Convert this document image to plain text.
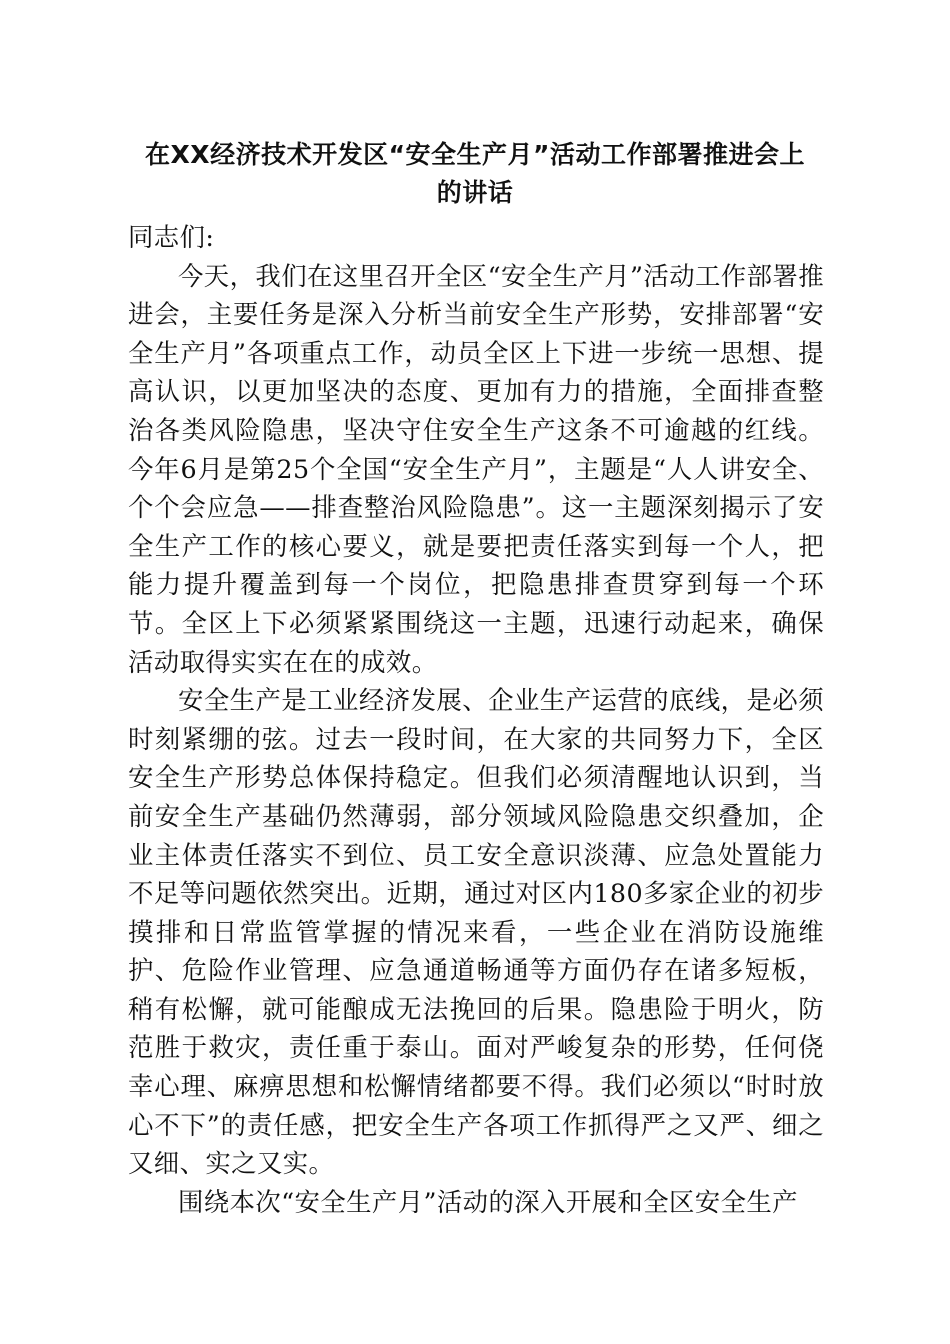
在XX经济技术开发区“安全生产月”活动工作部署推进会上
的讲话

同志们:

今天，我们在这里召开全区“安全生产月”活动工作部署推进会，主要任务是深入分析当前安全生产形势，安排部署“安全生产月”各项重点工作，动员全区上下进一步统一思想、提高认识，以更加坚决的态度、更加有力的措施，全面排查整治各类风险隐患，坚决守住安全生产这条不可逾越的红线。今年6月是第25个全国“安全生产月”，主题是“人人讲安全、个个会应急——排查整治风险隐患”。这一主题深刻揭示了安全生产工作的核心要义，就是要把责任落实到每一个人，把能力提升覆盖到每一个岗位，把隐患排查贯穿到每一个环节。全区上下必须紧紧围绕这一主题，迅速行动起来，确保活动取得实实在在的成效。

安全生产是工业经济发展、企业生产运营的底线，是必须时刻紧绷的弦。过去一段时间，在大家的共同努力下，全区安全生产形势总体保持稳定。但我们必须清醒地认识到，当前安全生产基础仍然薄弱，部分领域风险隐患交织叠加，企业主体责任落实不到位、员工安全意识淡薄、应急处置能力不足等问题依然突出。近期，通过对区内180多家企业的初步摸排和日常监管掌握的情况来看，一些企业在消防设施维护、危险作业管理、应急通道畅通等方面仍存在诸多短板，稍有松懈，就可能酿成无法挽回的后果。隐患险于明火，防范胜于救灾，责任重于泰山。面对严峻复杂的形势，任何侥幸心理、麻痹思想和松懈情绪都要不得。我们必须以“时时放心不下”的责任感，把安全生产各项工作抓得严之又严、细之又细、实之又实。

围绕本次“安全生产月”活动的深入开展和全区安全生产
